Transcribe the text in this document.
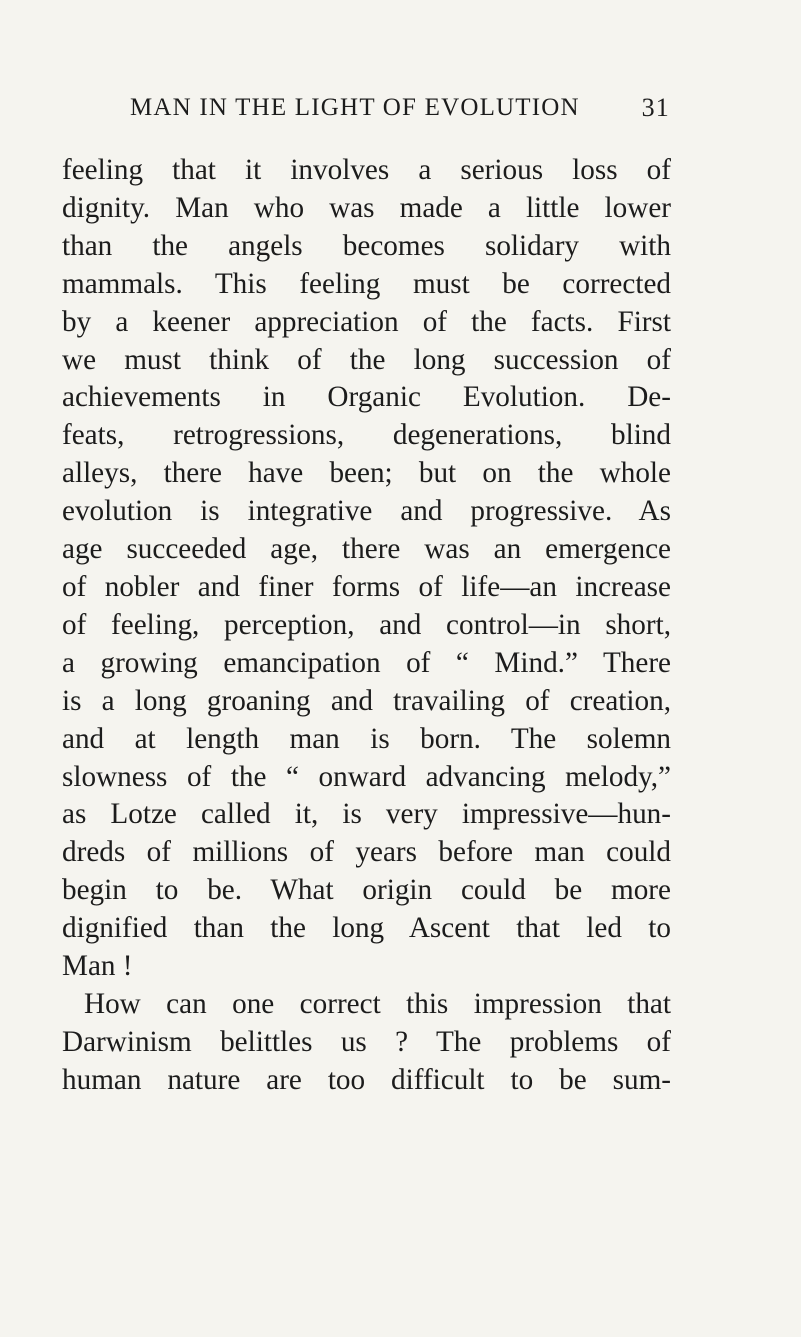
MAN IN THE LIGHT OF EVOLUTION 31
feeling that it involves a serious loss of
dignity. Man who was made a little lower
than the angels becomes solidary with
mammals. This feeling must be corrected
by a keener appreciation of the facts. First
we must think of the long succession of
achievements in Organic Evolution. De-
feats, retrogressions, degenerations, blind
alleys, there have been; but on the whole
evolution is integrative and progressive. As
age succeeded age, there was an emergence
of nobler and finer forms of life—an increase
of feeling, perception, and control—in short,
a growing emancipation of “ Mind.” There
is a long groaning and travailing of creation,
and at length man is born. The solemn
slowness of the “ onward advancing melody,”
as Lotze called it, is very impressive—hun-
dreds of millions of years before man could
begin to be. What origin could be more
dignified than the long Ascent that led to
Man !
How can one correct this impression that
Darwinism belittles us ? The problems of
human nature are too difficult to be sum-
